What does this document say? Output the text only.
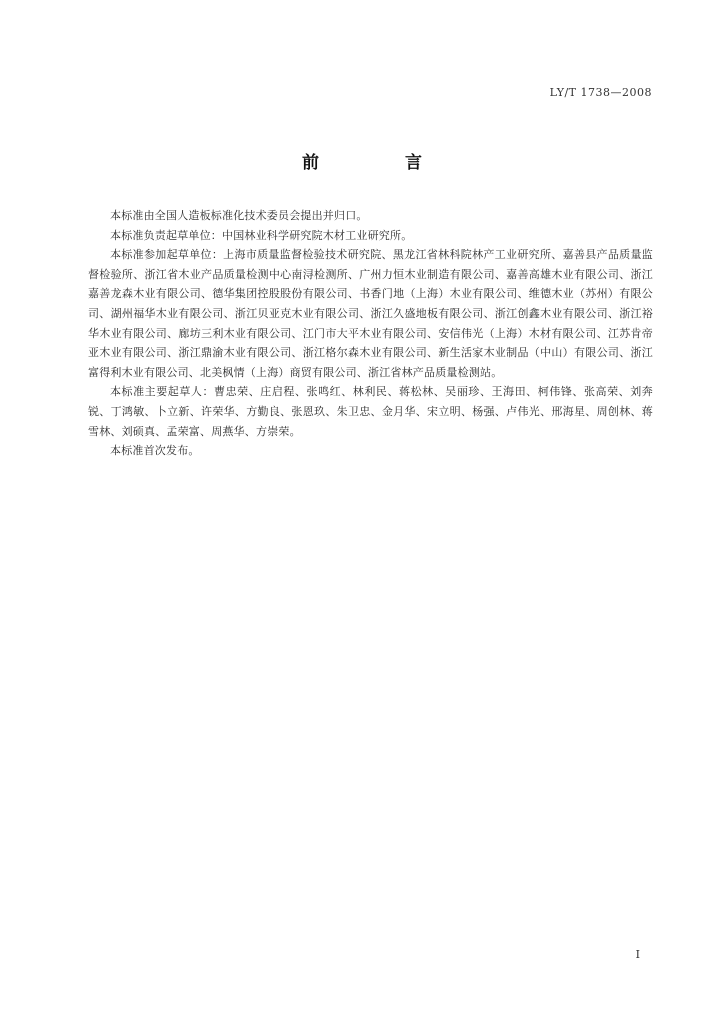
LY/T 1738—2008
前 言

本标准由全国人造板标准化技术委员会提出并归口。

本标准负责起草单位：中国林业科学研究院木材工业研究所。

本标准参加起草单位：上海市质量监督检验技术研究院、黑龙江省林科院林产工业研究所、嘉善县产品质量监督检验所、浙江省木业产品质量检测中心南浔检测所、广州力恒木业制造有限公司、嘉善高雄木业有限公司、浙江嘉善龙森木业有限公司、德华集团控股股份有限公司、书香门地（上海）木业有限公司、维德木业（苏州）有限公司、湖州福华木业有限公司、浙江贝亚克木业有限公司、浙江久盛地板有限公司、浙江创鑫木业有限公司、浙江裕华木业有限公司、廊坊三利木业有限公司、江门市大平木业有限公司、安信伟光（上海）木材有限公司、江苏肯帝亚木业有限公司、浙江鼎渝木业有限公司、浙江格尔森木业有限公司、新生活家木业制品（中山）有限公司、浙江富得利木业有限公司、北美枫情（上海）商贸有限公司、浙江省林产品质量检测站。

本标准主要起草人：曹忠荣、庄启程、张鸣红、林利民、蒋松林、吴丽珍、王海田、柯伟锋、张高荣、刘奔锐、丁鸿敏、卜立新、许荣华、方勤良、张恩玖、朱卫忠、金月华、宋立明、杨强、卢伟光、邢海星、周创林、蒋雪林、刘硕真、孟荣富、周燕华、方崇荣。

本标准首次发布。

I
